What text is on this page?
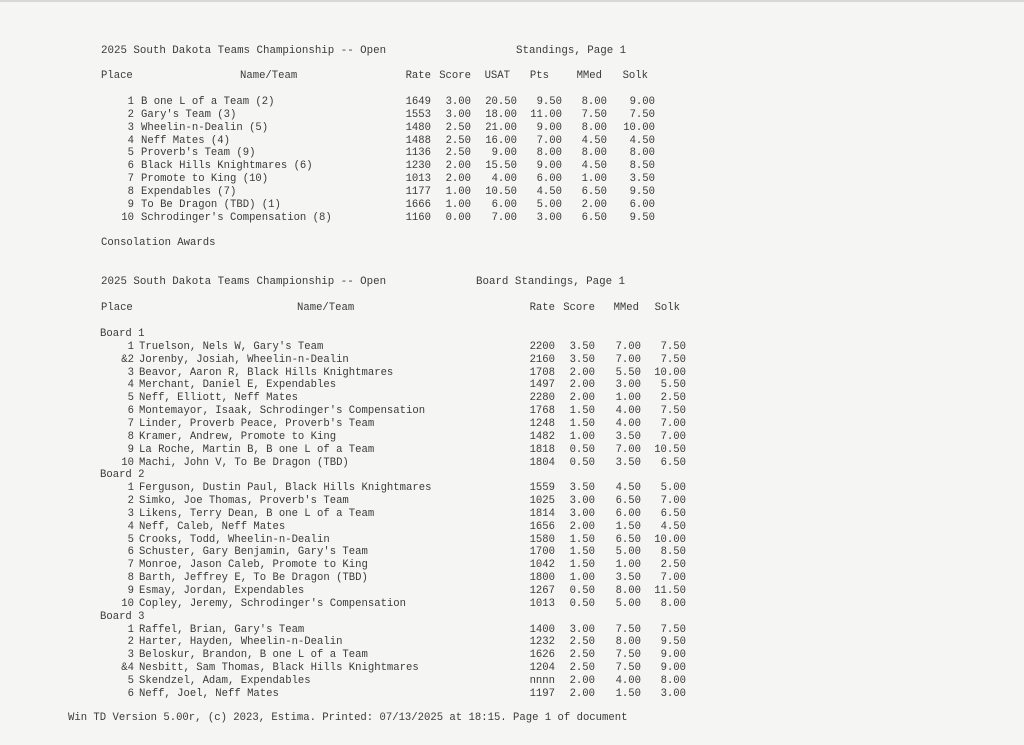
2025 South Dakota Teams Championship -- Open	Standings, Page 1
Place	Name/Team	Rate Score	USAT	Pts	MMed	Solk
1 B one L of a Team (2)	1649	3.00	20.50	9.50	8.00	9.00
2 Gary's Team (3)	1553	3.00	18.00	11.00	7.50	7.50
3 Wheelin-n-Dealin (5)	1480	2.50	21.00	9.00	8.00	10.00
4 Neff Mates (4)	1488	2.50	16.00	7.00	4.50	4.50
5 Proverb's Team (9)	1136	2.50	9.00	8.00	8.00	8.00
6 Black Hills Knightmares (6)	1230	2.00	15.50	9.00	4.50	8.50
7 Promote to King (10)	1013	2.00	4.00	6.00	1.00	3.50
8 Expendables (7)	1177	1.00	10.50	4.50	6.50	9.50
9 To Be Dragon (TBD) (1)	1666	1.00	6.00	5.00	2.00	6.00
10 Schrodinger's Compensation (8)	1160	0.00	7.00	3.00	6.50	9.50
Consolation Awards
2025 South Dakota Teams Championship -- Open	Board Standings, Page 1
Place	Name/Team	Rate Score	MMed	Solk
Board 1
1 Truelson, Nels W, Gary's Team	2200	3.50	7.00	7.50
&2 Jorenby, Josiah, Wheelin-n-Dealin	2160	3.50	7.00	7.50
3 Beavor, Aaron R, Black Hills Knightmares	1708	2.00	5.50	10.00
4 Merchant, Daniel E, Expendables	1497	2.00	3.00	5.50
5 Neff, Elliott, Neff Mates	2280	2.00	1.00	2.50
6 Montemayor, Isaak, Schrodinger's Compensation	1768	1.50	4.00	7.50
7 Linder, Proverb Peace, Proverb's Team	1248	1.50	4.00	7.00
8 Kramer, Andrew, Promote to King	1482	1.00	3.50	7.00
9 La Roche, Martin B, B one L of a Team	1818	0.50	7.00	10.50
10 Machi, John V, To Be Dragon (TBD)	1804	0.50	3.50	6.50
Board 2
1 Ferguson, Dustin Paul, Black Hills Knightmares	1559	3.50	4.50	5.00
2 Simko, Joe Thomas, Proverb's Team	1025	3.00	6.50	7.00
3 Likens, Terry Dean, B one L of a Team	1814	3.00	6.00	6.50
4 Neff, Caleb, Neff Mates	1656	2.00	1.50	4.50
5 Crooks, Todd, Wheelin-n-Dealin	1580	1.50	6.50	10.00
6 Schuster, Gary Benjamin, Gary's Team	1700	1.50	5.00	8.50
7 Monroe, Jason Caleb, Promote to King	1042	1.50	1.00	2.50
8 Barth, Jeffrey E, To Be Dragon (TBD)	1800	1.00	3.50	7.00
9 Esmay, Jordan, Expendables	1267	0.50	8.00	11.50
10 Copley, Jeremy, Schrodinger's Compensation	1013	0.50	5.00	8.00
Board 3
1 Raffel, Brian, Gary's Team	1400	3.00	7.50	7.50
2 Harter, Hayden, Wheelin-n-Dealin	1232	2.50	8.00	9.50
3 Beloskur, Brandon, B one L of a Team	1626	2.50	7.50	9.00
&4 Nesbitt, Sam Thomas, Black Hills Knightmares	1204	2.50	7.50	9.00
5 Skendzel, Adam, Expendables	nnnn	2.00	4.00	8.00
6 Neff, Joel, Neff Mates	1197	2.00	1.50	3.00
Win TD Version 5.00r, (c) 2023, Estima. Printed: 07/13/2025 at 18:15. Page 1 of document
